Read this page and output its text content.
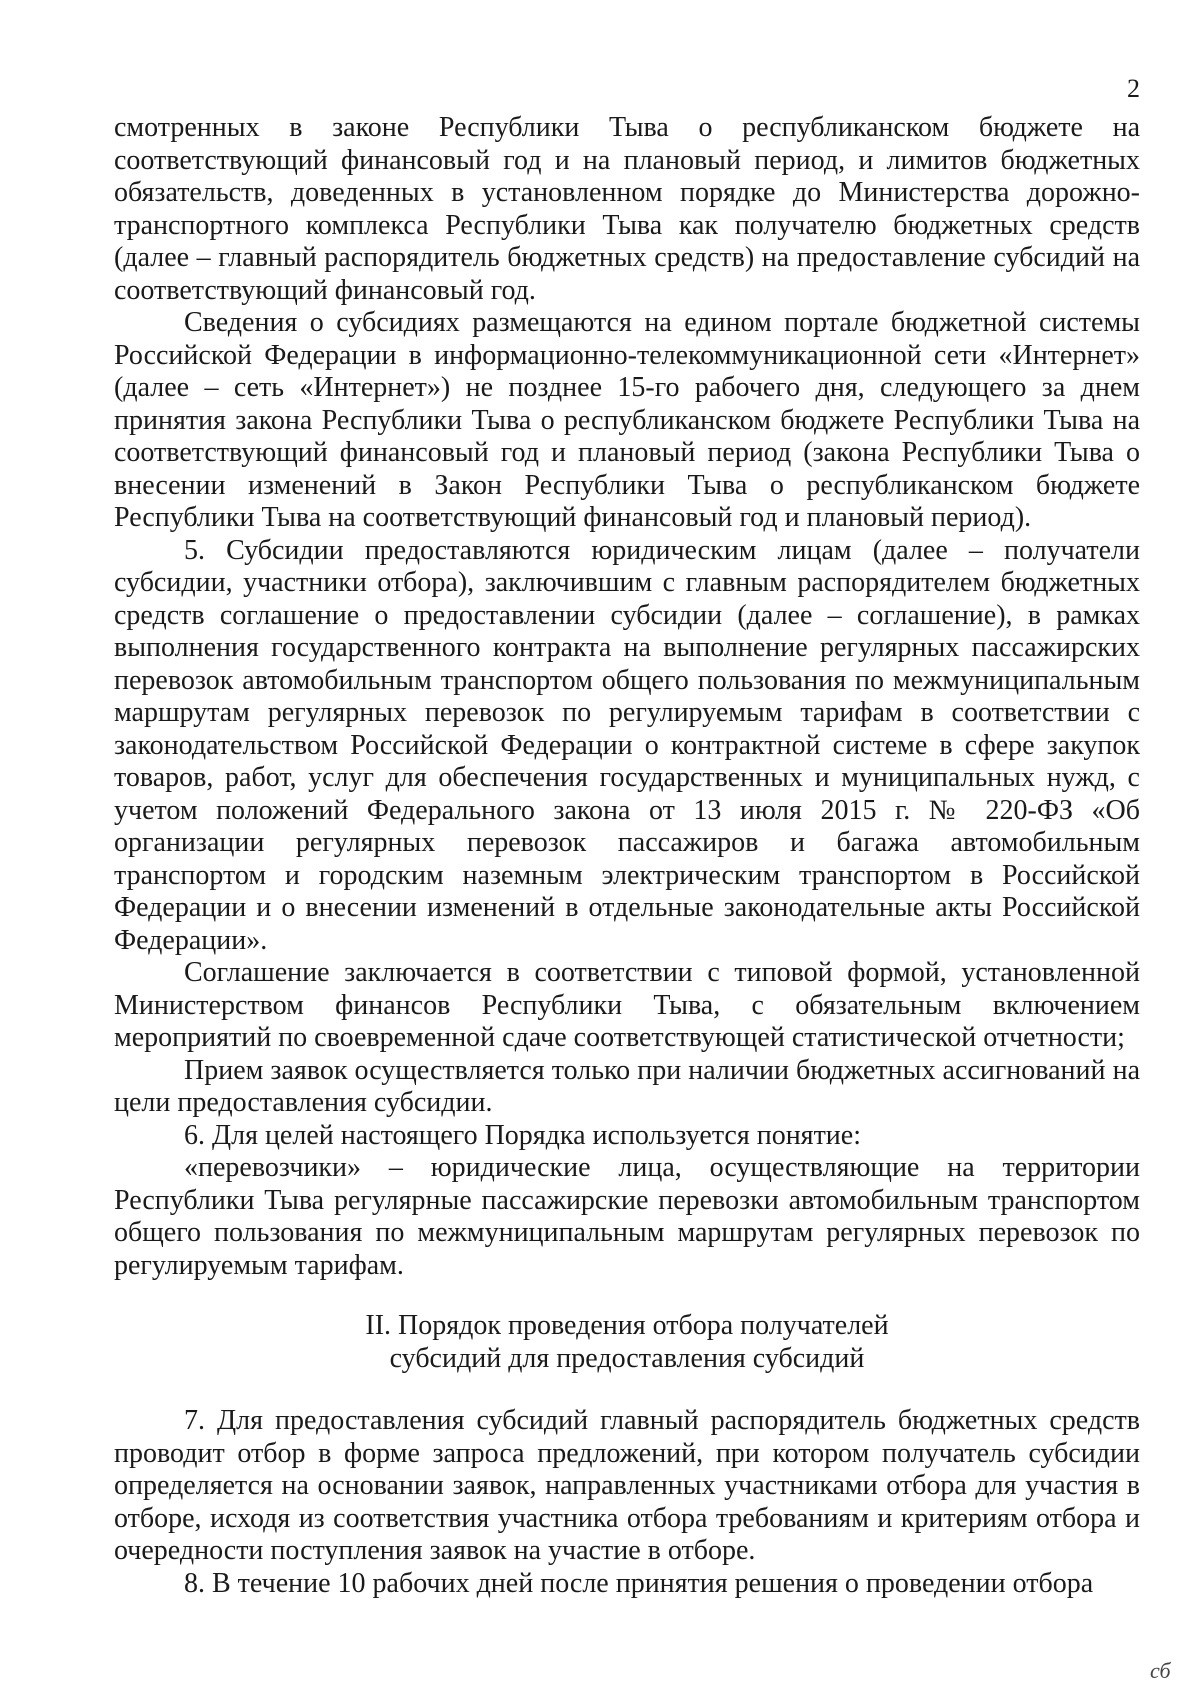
2

смотренных в законе Республики Тыва о республиканском бюджете на соответствующий финансовый год и на плановый период, и лимитов бюджетных обязательств, доведенных в установленном порядке до Министерства дорожно-транспортного комплекса Республики Тыва как получателю бюджетных средств (далее – главный распорядитель бюджетных средств) на предоставление субсидий на соответствующий финансовый год.

Сведения о субсидиях размещаются на едином портале бюджетной системы Российской Федерации в информационно-телекоммуникационной сети «Интернет» (далее – сеть «Интернет») не позднее 15-го рабочего дня, следующего за днем принятия закона Республики Тыва о республиканском бюджете Республики Тыва на соответствующий финансовый год и плановый период (закона Республики Тыва о внесении изменений в Закон Республики Тыва о республиканском бюджете Республики Тыва на соответствующий финансовый год и плановый период).

5. Субсидии предоставляются юридическим лицам (далее – получатели субсидии, участники отбора), заключившим с главным распорядителем бюджетных средств соглашение о предоставлении субсидии (далее – соглашение), в рамках выполнения государственного контракта на выполнение регулярных пассажирских перевозок автомобильным транспортом общего пользования по межмуниципальным маршрутам регулярных перевозок по регулируемым тарифам в соответствии с законодательством Российской Федерации о контрактной системе в сфере закупок товаров, работ, услуг для обеспечения государственных и муниципальных нужд, с учетом положений Федерального закона от 13 июля 2015 г. № 220-ФЗ «Об организации регулярных перевозок пассажиров и багажа автомобильным транспортом и городским наземным электрическим транспортом в Российской Федерации и о внесении изменений в отдельные законодательные акты Российской Федерации».

Соглашение заключается в соответствии с типовой формой, установленной Министерством финансов Республики Тыва, с обязательным включением мероприятий по своевременной сдаче соответствующей статистической отчетности;

Прием заявок осуществляется только при наличии бюджетных ассигнований на цели предоставления субсидии.

6. Для целей настоящего Порядка используется понятие:

«перевозчики» – юридические лица, осуществляющие на территории Республики Тыва регулярные пассажирские перевозки автомобильным транспортом общего пользования по межмуниципальным маршрутам регулярных перевозок по регулируемым тарифам.

II. Порядок проведения отбора получателей
субсидий для предоставления субсидий

7. Для предоставления субсидий главный распорядитель бюджетных средств проводит отбор в форме запроса предложений, при котором получатель субсидии определяется на основании заявок, направленных участниками отбора для участия в отборе, исходя из соответствия участника отбора требованиям и критериям отбора и очередности поступления заявок на участие в отборе.

8. В течение 10 рабочих дней после принятия решения о проведении отбора

сб
